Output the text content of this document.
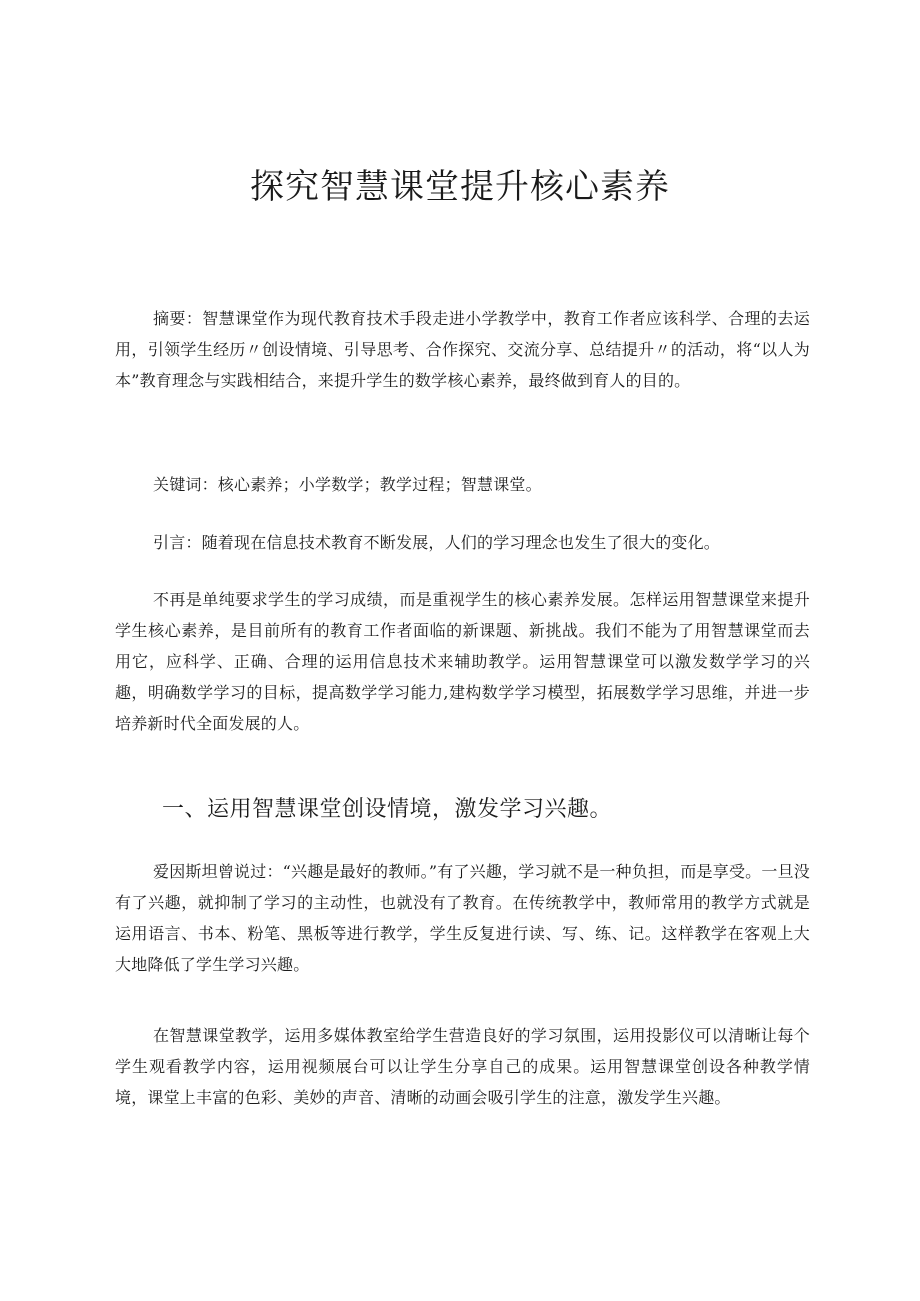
探究智慧课堂提升核心素养

摘要：智慧课堂作为现代教育技术手段走进小学教学中，教育工作者应该科学、合理的去运用，引领学生经历〃创设情境、引导思考、合作探究、交流分享、总结提升〃的活动，将“以人为本”教育理念与实践相结合，来提升学生的数学核心素养，最终做到育人的目的。

关键词：核心素养；小学数学；教学过程；智慧课堂。

引言：随着现在信息技术教育不断发展，人们的学习理念也发生了很大的变化。

不再是单纯要求学生的学习成绩，而是重视学生的核心素养发展。怎样运用智慧课堂来提升学生核心素养，是目前所有的教育工作者面临的新课题、新挑战。我们不能为了用智慧课堂而去用它，应科学、正确、合理的运用信息技术来辅助教学。运用智慧课堂可以激发数学学习的兴趣，明确数学学习的目标，提高数学学习能力,建构数学学习模型，拓展数学学习思维，并进一步培养新时代全面发展的人。

一、运用智慧课堂创设情境，激发学习兴趣。

爱因斯坦曾说过：“兴趣是最好的教师。”有了兴趣，学习就不是一种负担，而是享受。一旦没有了兴趣，就抑制了学习的主动性，也就没有了教育。在传统教学中，教师常用的教学方式就是运用语言、书本、粉笔、黑板等进行教学，学生反复进行读、写、练、记。这样教学在客观上大大地降低了学生学习兴趣。

在智慧课堂教学，运用多媒体教室给学生营造良好的学习氛围，运用投影仪可以清晰让每个学生观看教学内容，运用视频展台可以让学生分享自己的成果。运用智慧课堂创设各种教学情境，课堂上丰富的色彩、美妙的声音、清晰的动画会吸引学生的注意，激发学生兴趣。
